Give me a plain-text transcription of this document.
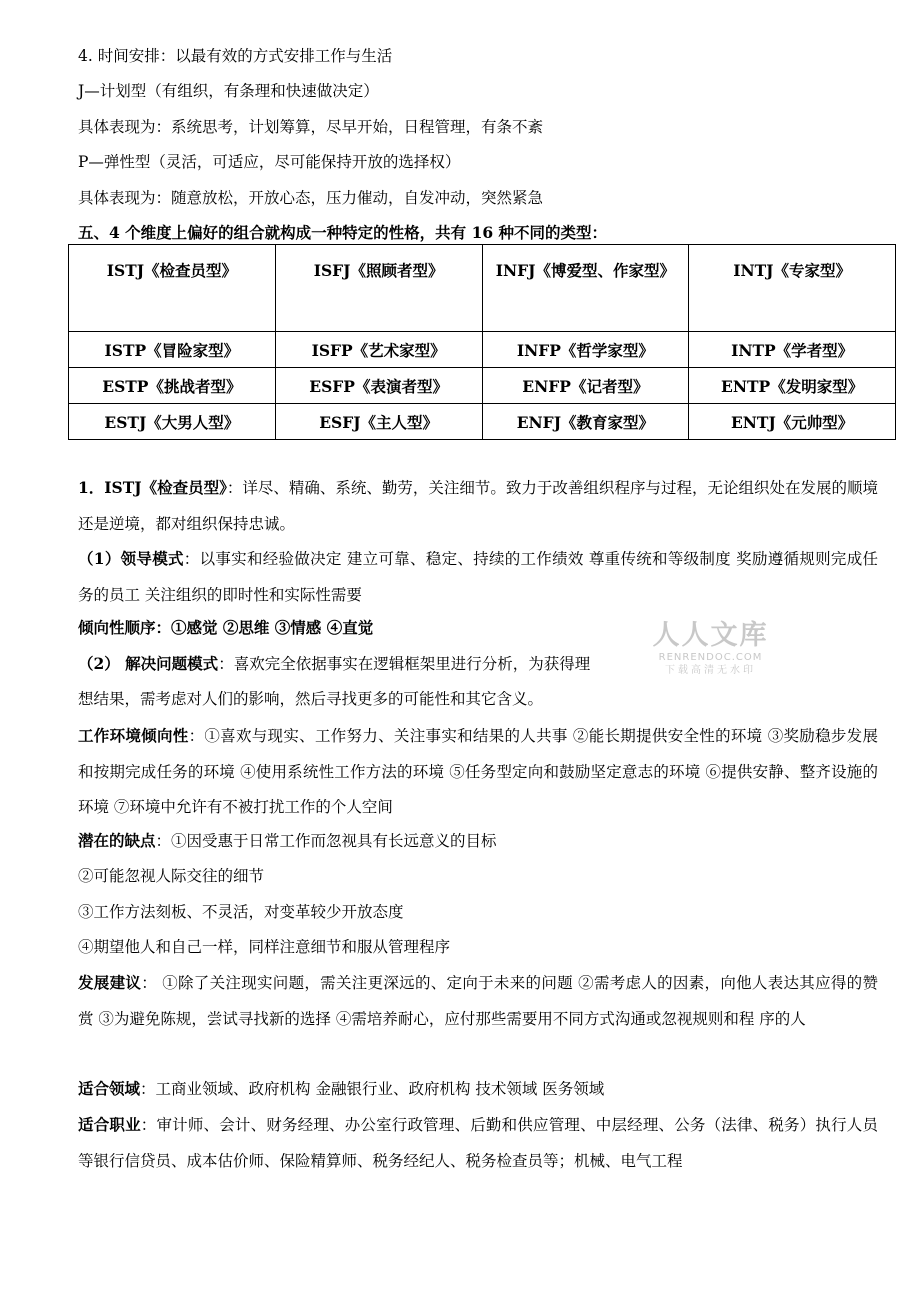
4. 时间安排：以最有效的方式安排工作与生活
J—计划型（有组织，有条理和快速做决定）
具体表现为：系统思考，计划筹算，尽早开始，日程管理，有条不紊
P—弹性型（灵活，可适应，尽可能保持开放的选择权）
具体表现为：随意放松，开放心态，压力催动，自发冲动，突然紧急
五、4 个维度上偏好的组合就构成一种特定的性格，共有 16 种不同的类型：
ISTJ《检查员型》	ISFJ《照顾者型》	INFJ《博爱型、作家型》	INTJ《专家型》
ISTP《冒险家型》	ISFP《艺术家型》	INFP《哲学家型》	INTP《学者型》
ESTP《挑战者型》	ESFP《表演者型》	ENFP《记者型》	ENTP《发明家型》
ESTJ《大男人型》	ESFJ《主人型》	ENFJ《教育家型》	ENTJ《元帅型》
1．ISTJ《检查员型》：详尽、精确、系统、勤劳，关注细节。致力于改善组织程序与过程，无论组织处在发展的顺境还是逆境，都对组织保持忠诚。
（1）领导模式：以事实和经验做决定 建立可靠、稳定、持续的工作绩效 尊重传统和等级制度 奖励遵循规则完成任务的员工 关注组织的即时性和实际性需要
倾向性顺序：①感觉 ②思维 ③情感 ④直觉
（2） 解决问题模式：喜欢完全依据事实在逻辑框架里进行分析，为获得理
想结果，需考虑对人们的影响，然后寻找更多的可能性和其它含义。
工作环境倾向性：①喜欢与现实、工作努力、关注事实和结果的人共事 ②能长期提供安全性的环境 ③奖励稳步发展和按期完成任务的环境 ④使用系统性工作方法的环境 ⑤任务型定向和鼓励坚定意志的环境 ⑥提供安静、整齐设施的环境 ⑦环境中允许有不被打扰工作的个人空间
潜在的缺点：①因受惠于日常工作而忽视具有长远意义的目标
②可能忽视人际交往的细节
③工作方法刻板、不灵活，对变革较少开放态度
④期望他人和自己一样，同样注意细节和服从管理程序
发展建议： ①除了关注现实问题，需关注更深远的、定向于未来的问题 ②需考虑人的因素，向他人表达其应得的赞赏 ③为避免陈规，尝试寻找新的选择 ④需培养耐心，应付那些需要用不同方式沟通或忽视规则和程 序的人
适合领域：工商业领域、政府机构 金融银行业、政府机构 技术领域 医务领域
适合职业：审计师、会计、财务经理、办公室行政管理、后勤和供应管理、中层经理、公务（法律、税务）执行人员等银行信贷员、成本估价师、保险精算师、税务经纪人、税务检查员等；机械、电气工程
人人文库
RENRENDOC.COM
下载高清无水印
